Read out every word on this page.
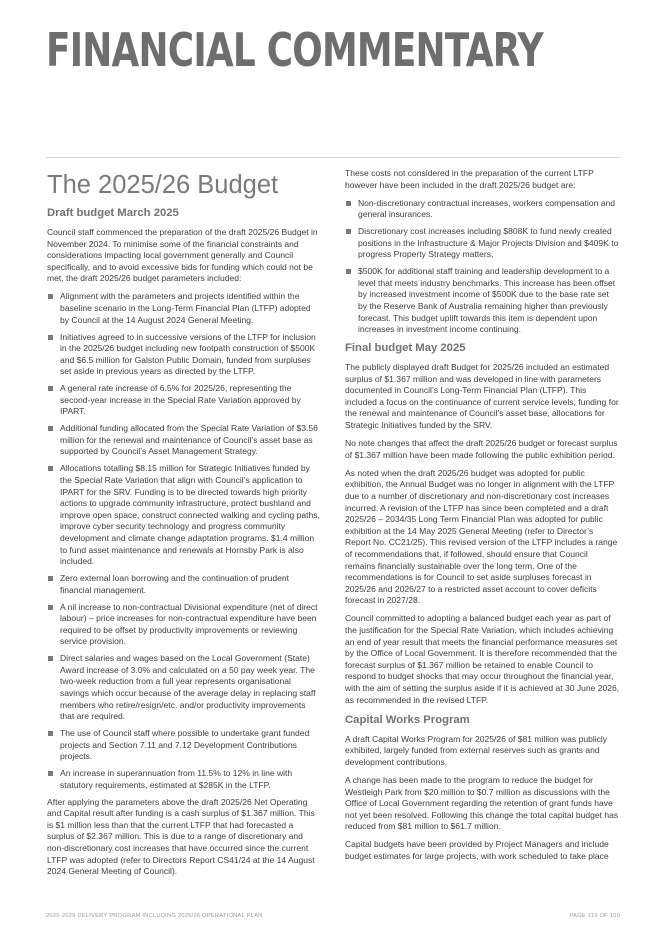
FINANCIAL COMMENTARY
The 2025/26 Budget
Draft budget March 2025

Council staff commenced the preparation of the draft 2025/26 Budget in November 2024. To minimise some of the financial constraints and considerations impacting local government generally and Council specifically, and to avoid excessive bids for funding which could not be met, the draft 2025/26 budget parameters included:

Alignment with the parameters and projects identified within the baseline scenario in the Long-Term Financial Plan (LTFP) adopted by Council at the 14 August 2024 General Meeting.
Initiatives agreed to in successive versions of the LTFP for inclusion in the 2025/26 budget including new footpath construction of $500K and $6.5 million for Galston Public Domain, funded from surpluses set aside in previous years as directed by the LTFP.
A general rate increase of 6.5% for 2025/26, representing the second-year increase in the Special Rate Variation approved by IPART.
Additional funding allocated from the Special Rate Variation of $3.56 million for the renewal and maintenance of Council’s asset base as supported by Council’s Asset Management Strategy.
Allocations totalling $8.15 million for Strategic Initiatives funded by the Special Rate Variation that align with Council’s application to IPART for the SRV. Funding is to be directed towards high priority actions to upgrade community infrastructure, protect bushland and improve open space, construct connected walking and cycling paths, improve cyber security technology and progress community development and climate change adaptation programs. $1.4 million to fund asset maintenance and renewals at Hornsby Park is also included.
Zero external loan borrowing and the continuation of prudent financial management.
A nil increase to non-contractual Divisional expenditure (net of direct labour) – price increases for non-contractual expenditure have been required to be offset by productivity improvements or reviewing service provision.
Direct salaries and wages based on the Local Government (State) Award increase of 3.0% and calculated on a 50 pay week year. The two-week reduction from a full year represents organisational savings which occur because of the average delay in replacing staff members who retire/resign/etc. and/or productivity improvements that are required.
The use of Council staff where possible to undertake grant funded projects and Section 7.11 and 7.12 Development Contributions projects.
An increase in superannuation from 11.5% to 12% in line with statutory requirements, estimated at $285K in the LTFP.

After applying the parameters above the draft 2025/26 Net Operating and Capital result after funding is a cash surplus of $1.367 million. This is $1 million less than that the current LTFP that had forecasted a surplus of $2.367 million. This is due to a range of discretionary and non-discretionary cost increases that have occurred since the current LTFP was adopted (refer to Directors Report CS41/24 at the 14 August 2024 General Meeting of Council).

These costs not considered in the preparation of the current LTFP however have been included in the draft 2025/26 budget are:

Non-discretionary contractual increases, workers compensation and general insurances.
Discretionary cost increases including $808K to fund newly created positions in the Infrastructure & Major Projects Division and $409K to progress Property Strategy matters,
$500K for additional staff training and leadership development to a level that meets industry benchmarks. This increase has been offset by increased investment income of $500K due to the base rate set by the Reserve Bank of Australia remaining higher than previously forecast. This budget uplift towards this item is dependent upon increases in investment income continuing.
Final budget May 2025

The publicly displayed draft Budget for 2025/26 included an estimated surplus of $1.367 million and was developed in line with parameters documented in Council’s Long-Term Financial Plan (LTFP). This included a focus on the continuance of current service levels, funding for the renewal and maintenance of Council’s asset base, allocations for Strategic Initiatives funded by the SRV.

No note changes that affect the draft 2025/26 budget or forecast surplus of $1.367 million have been made following the public exhibition period.

As noted when the draft 2025/26 budget was adopted for public exhibition, the Annual Budget was no longer in alignment with the LTFP due to a number of discretionary and non-discretionary cost increases incurred. A revision of the LTFP has since been completed and a draft 2025/26 – 2034/35 Long Term Financial Plan was adopted for public exhibition at the 14 May 2025 General Meeting (refer to Director’s Report No. CC21/25). This revised version of the LTFP includes a range of recommendations that, if followed, should ensure that Council remains financially sustainable over the long term. One of the recommendations is for Council to set aside surpluses forecast in 2025/26 and 2026/27 to a restricted asset account to cover deficits forecast in 2027/28.

Council committed to adopting a balanced budget each year as part of the justification for the Special Rate Variation, which includes achieving an end of year result that meets the financial performance measures set by the Office of Local Government. It is therefore recommended that the forecast surplus of $1.367 million be retained to enable Council to respond to budget shocks that may occur throughout the financial year, with the aim of setting the surplus aside if it is achieved at 30 June 2026, as recommended in the revised LTFP.

Capital Works Program

A draft Capital Works Program for 2025/26 of $81 million was publicly exhibited, largely funded from external reserves such as grants and development contributions.

A change has been made to the program to reduce the budget for Westleigh Park from $20 million to $0.7 million as discussions with the Office of Local Government regarding the retention of grant funds have not yet been resolved. Following this change the total capital budget has reduced from $81 million to $61.7 million.

Capital budgets have been provided by Project Managers and include budget estimates for large projects, with work scheduled to take place

2025-2029 DELIVERY PROGRAM INCLUDING 2025/26 OPERATIONAL PLAN	PAGE 119 OF 150
